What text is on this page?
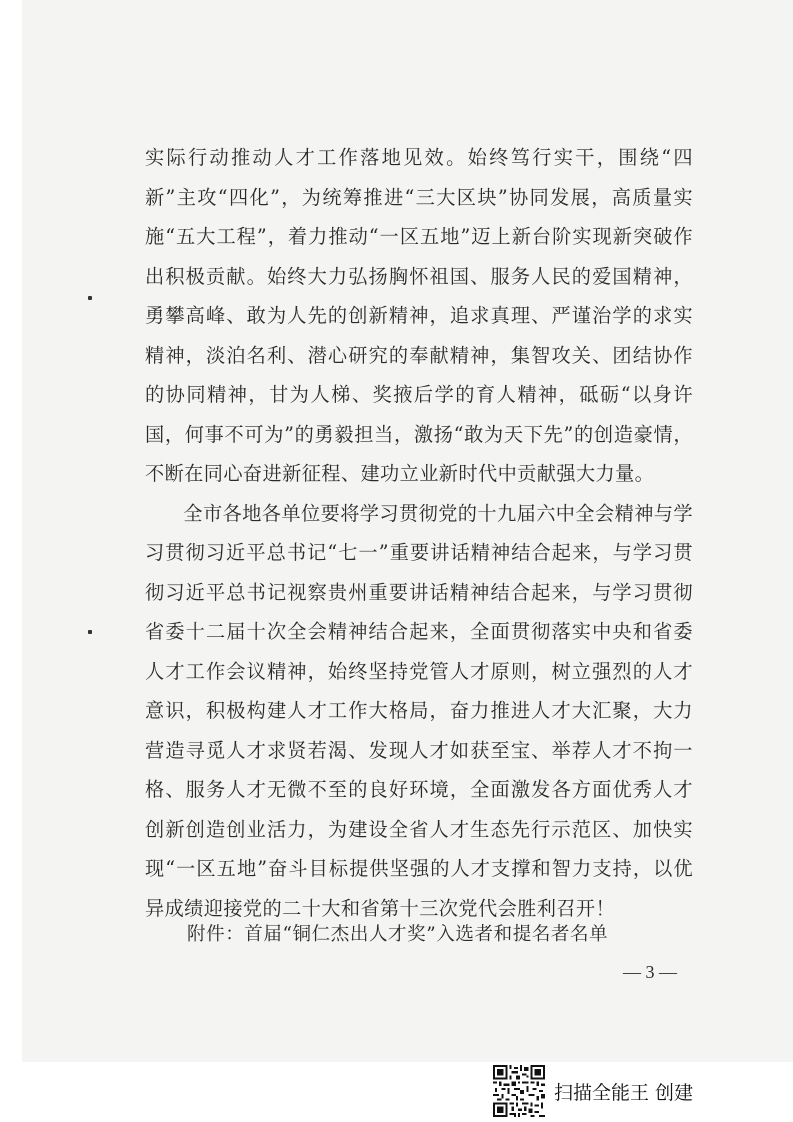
实际行动推动人才工作落地见效。始终笃行实干，围绕“四新”主攻“四化”，为统筹推进“三大区块”协同发展，高质量实施“五大工程”，着力推动“一区五地”迈上新台阶实现新突破作出积极贡献。始终大力弘扬胸怀祖国、服务人民的爱国精神，勇攀高峰、敢为人先的创新精神，追求真理、严谨治学的求实精神，淡泊名利、潜心研究的奉献精神，集智攻关、团结协作的协同精神，甘为人梯、奖掖后学的育人精神，砥砺“以身许国，何事不可为”的勇毅担当，激扬“敢为天下先”的创造豪情，不断在同心奋进新征程、建功立业新时代中贡献强大力量。

全市各地各单位要将学习贯彻党的十九届六中全会精神与学习贯彻习近平总书记“七一”重要讲话精神结合起来，与学习贯彻习近平总书记视察贵州重要讲话精神结合起来，与学习贯彻省委十二届十次全会精神结合起来，全面贯彻落实中央和省委人才工作会议精神，始终坚持党管人才原则，树立强烈的人才意识，积极构建人才工作大格局，奋力推进人才大汇聚，大力营造寻觅人才求贤若渴、发现人才如获至宝、举荐人才不拘一格、服务人才无微不至的良好环境，全面激发各方面优秀人才创新创造创业活力，为建设全省人才生态先行示范区、加快实现“一区五地”奋斗目标提供坚强的人才支撑和智力支持，以优异成绩迎接党的二十大和省第十三次党代会胜利召开！

附件：首届“铜仁杰出人才奖”入选者和提名者名单

— 3 —
扫描全能王 创建
